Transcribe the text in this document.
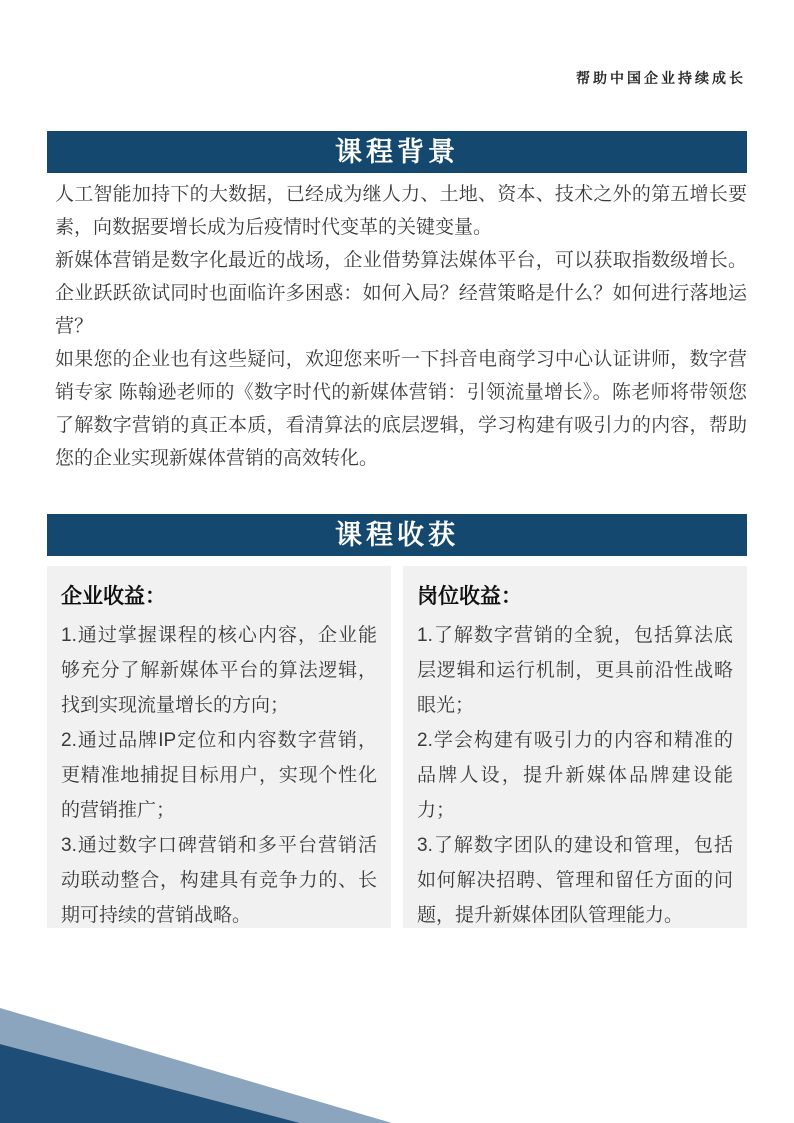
帮助中国企业持续成长
课程背景

人工智能加持下的大数据，已经成为继人力、土地、资本、技术之外的第五增长要素，向数据要增长成为后疫情时代变革的关键变量。

新媒体营销是数字化最近的战场，企业借势算法媒体平台，可以获取指数级增长。企业跃跃欲试同时也面临许多困惑：如何入局？经营策略是什么？如何进行落地运营？

如果您的企业也有这些疑问，欢迎您来听一下抖音电商学习中心认证讲师，数字营销专家 陈翰逊老师的《数字时代的新媒体营销：引领流量增长》。陈老师将带领您了解数字营销的真正本质，看清算法的底层逻辑，学习构建有吸引力的内容，帮助您的企业实现新媒体营销的高效转化。

课程收获
企业收益：

1.通过掌握课程的核心内容，企业能够充分了解新媒体平台的算法逻辑，找到实现流量增长的方向；

2.通过品牌IP定位和内容数字营销，更精准地捕捉目标用户，实现个性化的营销推广；

3.通过数字口碑营销和多平台营销活动联动整合，构建具有竞争力的、长期可持续的营销战略。

岗位收益：

1.了解数字营销的全貌，包括算法底层逻辑和运行机制，更具前沿性战略眼光；

2.学会构建有吸引力的内容和精准的品牌人设，提升新媒体品牌建设能力；

3.了解数字团队的建设和管理，包括如何解决招聘、管理和留任方面的问题，提升新媒体团队管理能力。
